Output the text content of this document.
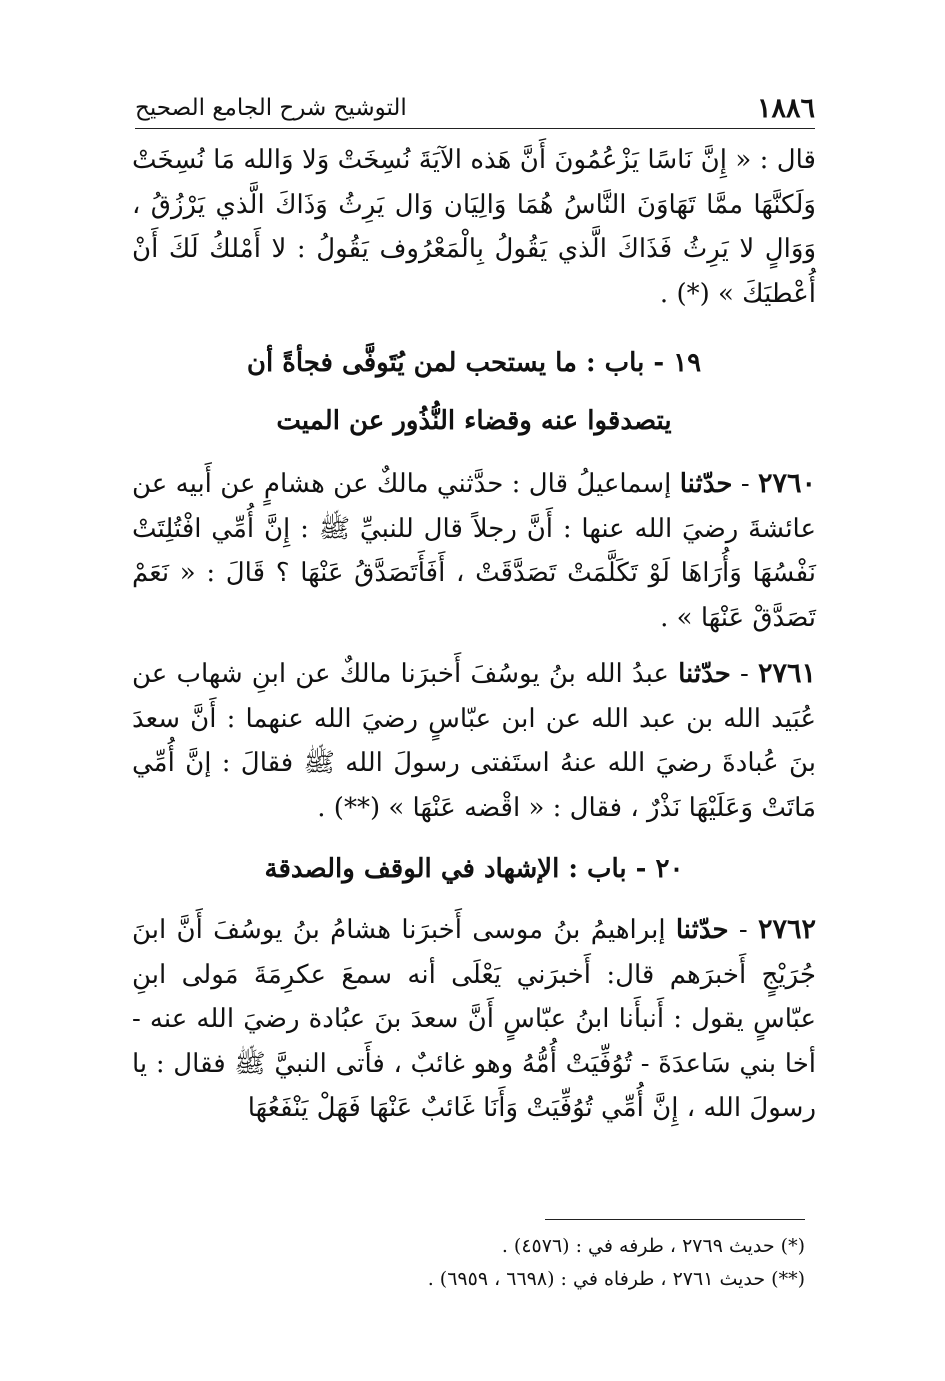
١٨٨٦
التوشيح شرح الجامع الصحيح

قال : « إِنَّ نَاسًا يَزْعُمُونَ أَنَّ هَذه الآيَةَ نُسِخَتْ وَلا وَالله مَا نُسِخَتْ وَلَكنَّهَا ممَّا تَهَاوَنَ النَّاسُ هُمَا وَالِيَان وَال يَرِثُ وَذَاكَ الَّذي يَرْزُقُ ، وَوَالٍ لا يَرِثُ فَذَاكَ الَّذي يَقُولُ بِالْمَعْرُوف يَقُولُ : لا أَمْلكُ لَكَ أَنْ أُعْطيَكَ » (*) .

١٩ - باب : ما يستحب لمن يُتَوفَّى فجأةً أن
يتصدقوا عنه وقضاء النُّذُور عن الميت

٢٧٦٠ - حدّثنا إسماعيلُ قال : حدَّثني مالكٌ عن هشامٍ عن أَبيه عن عائشةَ رضيَ الله عنها : أَنَّ رجلاً قال للنبيِّ ﷺ : إِنَّ أُمِّي افْتُلِتَتْ نَفْسُهَا وَأُرَاهَا لَوْ تَكَلَّمَتْ تَصَدَّقَتْ ، أَفَأَتَصَدَّقُ عَنْهَا ؟ قَالَ : « نَعَمْ تَصَدَّقْ عَنْهَا » .

٢٧٦١ - حدّثنا عبدُ الله بنُ يوسُفَ أَخبرَنا مالكٌ عن ابنِ شهاب عن عُبَيد الله بن عبد الله عن ابن عبّاسٍ رضيَ الله عنهما : أَنَّ سعدَ بنَ عُبادةَ رضيَ الله عنهُ استَفتى رسولَ الله ﷺ فقالَ : إنَّ أُمِّي مَاتَتْ وَعَلَيْهَا نَذْرٌ ، فقال : « اقْضه عَنْهَا » (**) .

٢٠ - باب : الإشهاد في الوقف والصدقة

٢٧٦٢ - حدّثنا إبراهيمُ بنُ موسى أَخبرَنا هشامُ بنُ يوسُفَ أَنَّ ابنَ جُرَيْجٍ أَخبرَهم قال: أَخبرَني يَعْلَى أنه سمعَ عكرِمَةَ مَولى ابنِ عبّاسٍ يقول : أَنبأَنا ابنُ عبّاسٍ أَنَّ سعدَ بنَ عبُادة رضيَ الله عنه - أخا بني سَاعدَةَ - تُوُفِّيَتْ أُمُّهُ وهو غائبٌ ، فأَتى النبيَّ ﷺ فقال : يا رسولَ الله ، إِنَّ أُمِّي تُوُفِّيَتْ وَأَنَا غَائبٌ عَنْهَا فَهَلْ يَنْفَعُهَا

(*) حديث ٢٧٦٩ ، طرفه في : (٤٥٧٦) .

(**) حديث ٢٧٦١ ، طرفاه في : (٦٦٩٨ ، ٦٩٥٩) .
